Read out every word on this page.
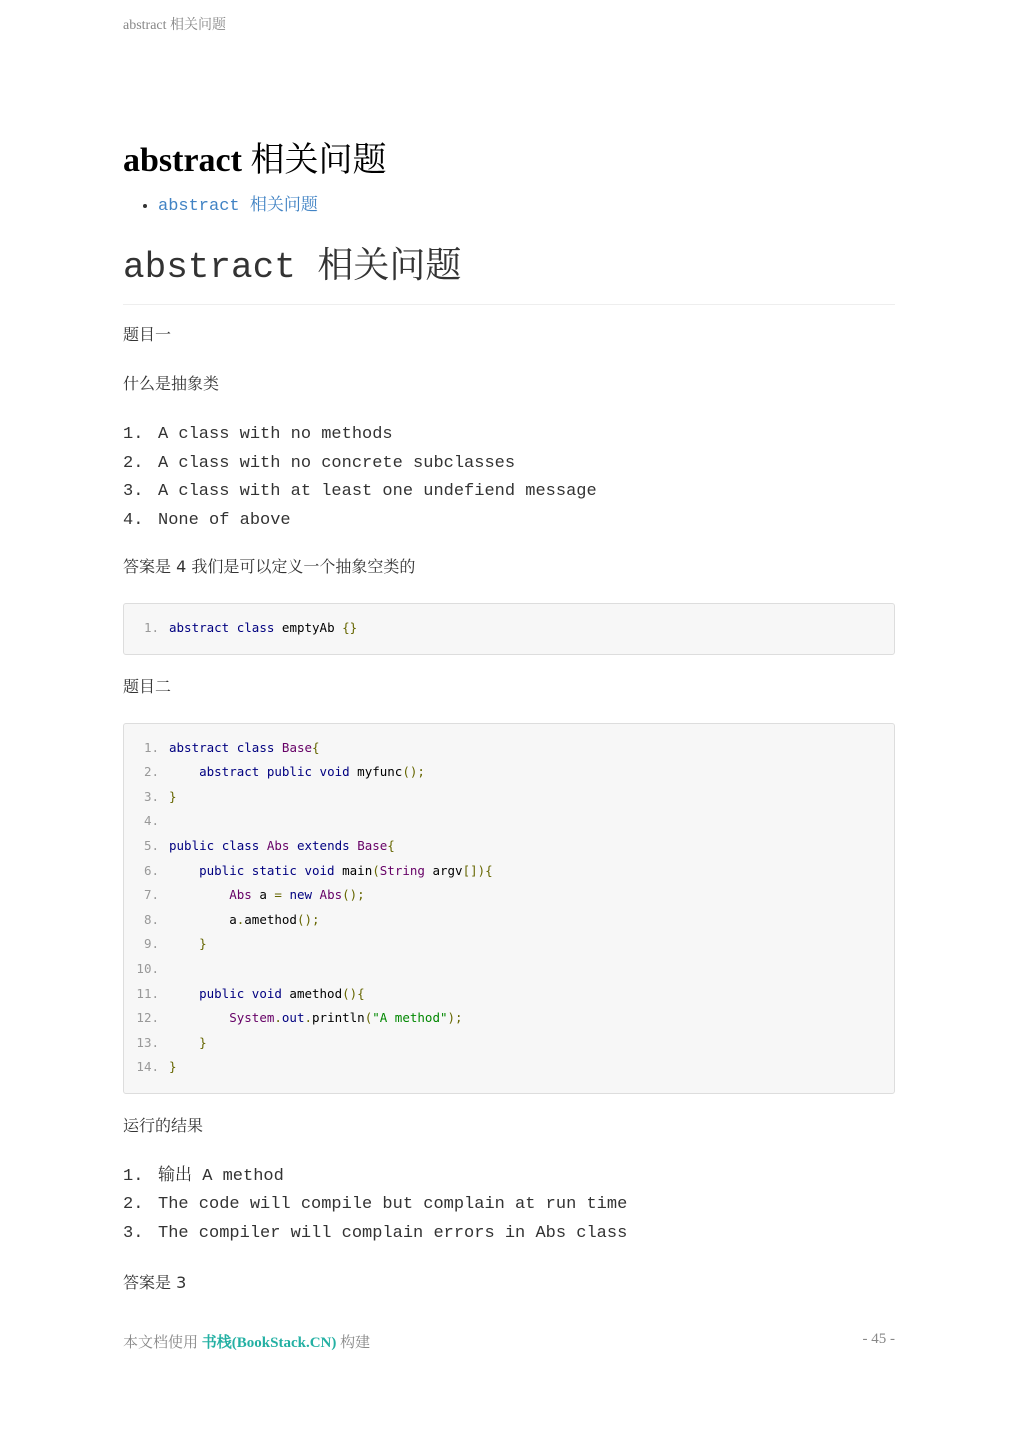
abstract 相关问题
abstract 相关问题
• abstract 相关问题
abstract 相关问题

题目一

什么是抽象类

1. A class with no methods
2. A class with no concrete subclasses
3. A class with at least one undefiend message
4. None of above

答案是 4 我们是可以定义一个抽象空类的

1. abstract class emptyAb {}

题目二

1. abstract class Base{
2.	abstract public void myfunc();
3. }
4.
5. public class Abs extends Base{
6.	public static void main(String argv[]){
7.	Abs a = new Abs();
8. a.amethod();
9.	}
10.
11.	public void amethod(){
12.	System.out.println("A method");
13.	}
14. }

运行的结果

1. 输出 A method
2. The code will compile but complain at run time
3. The compiler will complain errors in Abs class

答案是 3

本文档使用 书栈(BookStack.CN) 构建	- 45 -
